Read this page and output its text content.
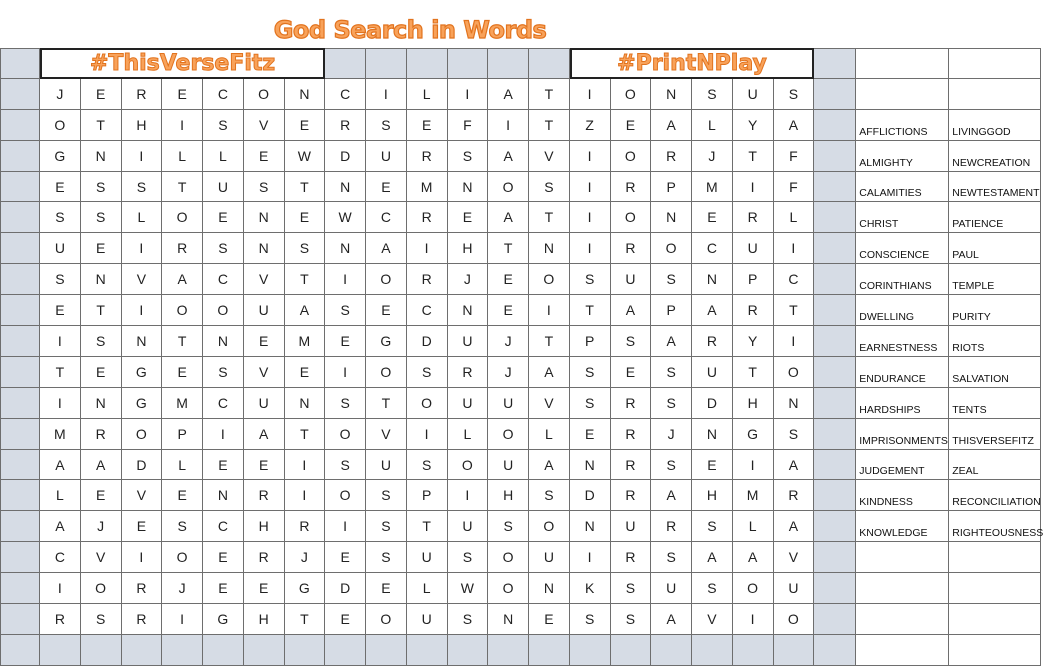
God Search in Words
#ThisVerseFitz	#PrintNPlay
J	E	R	E	C	O	N	C	I	L	I	A	T	I	O	N	S	U	S
O	T	H	I	S	V	E	R	S	E	F	I	T	Z	E	A	L	Y	A	AFFLICTIONS	LIVINGGOD
G	N	I	L	L	E	W	D	U	R	S	A	V	I	O	R	J	T	F	ALMIGHTY	NEWCREATION
E	S	S	T	U	S	T	N	E	M	N	O	S	I	R	P	M	I	F	CALAMITIES	NEWTESTAMENT
S	S	L	O	E	N	E	W	C	R	E	A	T	I	O	N	E	R	L	CHRIST	PATIENCE
U	E	I	R	S	N	S	N	A	I	H	T	N	I	R	O	C	U	I	CONSCIENCE	PAUL
S	N	V	A	C	V	T	I	O	R	J	E	O	S	U	S	N	P	C	CORINTHIANS	TEMPLE
E	T	I	O	O	U	A	S	E	C	N	E	I	T	A	P	A	R	T	DWELLING	PURITY
I	S	N	T	N	E	M	E	G	D	U	J	T	P	S	A	R	Y	I	EARNESTNESS	RIOTS
T	E	G	E	S	V	E	I	O	S	R	J	A	S	E	S	U	T	O	ENDURANCE	SALVATION
I	N	G	M	C	U	N	S	T	O	U	U	V	S	R	S	D	H	N	HARDSHIPS	TENTS
M	R	O	P	I	A	T	O	V	I	L	O	L	E	R	J	N	G	S	IMPRISONMENTS THISVERSEFITZ
A	A	D	L	E	E	I	S	U	S	O	U	A	N	R	S	E	I	A	JUDGEMENT	ZEAL
L	E	V	E	N	R	I	O	S	P	I	H	S	D	R	A	H	M	R	KINDNESS	RECONCILIATION
A	J	E	S	C	H	R	I	S	T	U	S	O	N	U	R	S	L	A	KNOWLEDGE	RIGHTEOUSNESS
C	V	I	O	E	R	J	E	S	U	S	O	U	I	R	S	A	A	V
I	O	R	J	E	E	G	D	E	L	W	O	N	K	S	U	S	O	U
R	S	R	I	G	H	T	E	O	U	S	N	E	S	S	A	V	I	O
